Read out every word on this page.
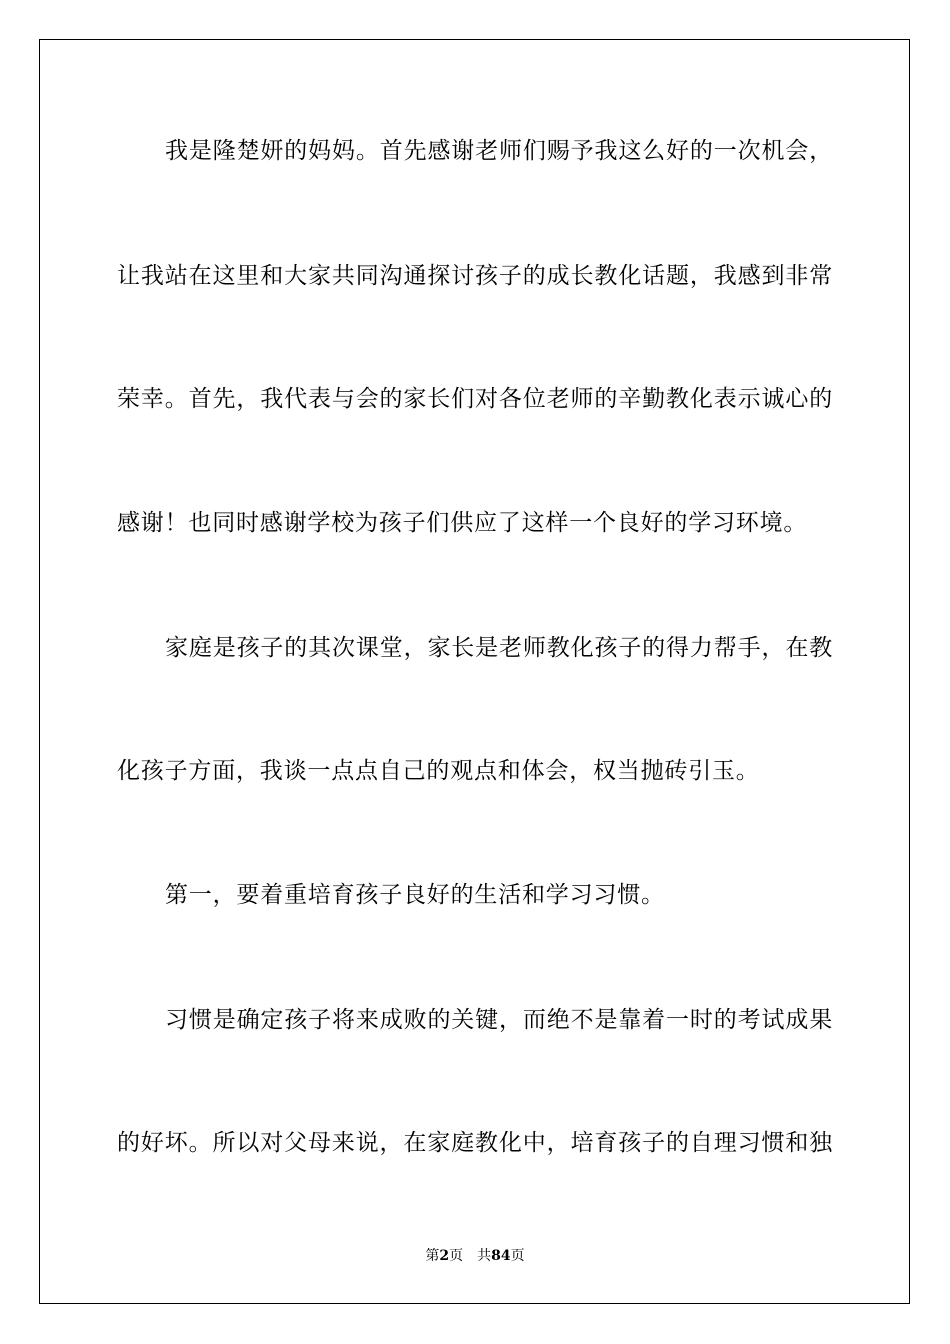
我是隆楚妍的妈妈。首先感谢老师们赐予我这么好的一次机会，
让我站在这里和大家共同沟通探讨孩子的成长教化话题，我感到非常
荣幸。首先，我代表与会的家长们对各位老师的辛勤教化表示诚心的
感谢！也同时感谢学校为孩子们供应了这样一个良好的学习环境。
家庭是孩子的其次课堂，家长是老师教化孩子的得力帮手，在教
化孩子方面，我谈一点点自己的观点和体会，权当抛砖引玉。
第一，要着重培育孩子良好的生活和学习习惯。
习惯是确定孩子将来成败的关键，而绝不是靠着一时的考试成果
的好坏。所以对父母来说，在家庭教化中，培育孩子的自理习惯和独
第2页 共84页
